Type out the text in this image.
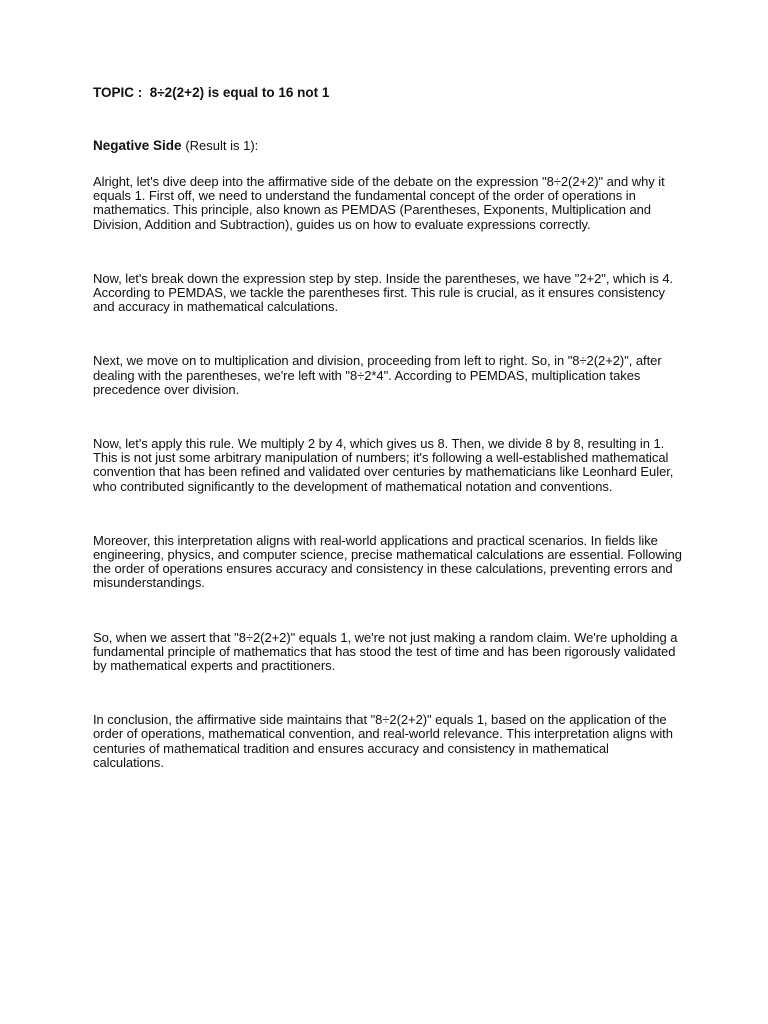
TOPIC :  8÷2(2+2) is equal to 16 not 1

Negative Side (Result is 1):

Alright, let's dive deep into the affirmative side of the debate on the expression "8÷2(2+2)" and why it equals 1. First off, we need to understand the fundamental concept of the order of operations in mathematics. This principle, also known as PEMDAS (Parentheses, Exponents, Multiplication and Division, Addition and Subtraction), guides us on how to evaluate expressions correctly.

Now, let's break down the expression step by step. Inside the parentheses, we have "2+2", which is 4. According to PEMDAS, we tackle the parentheses first. This rule is crucial, as it ensures consistency and accuracy in mathematical calculations.

Next, we move on to multiplication and division, proceeding from left to right. So, in "8÷2(2+2)", after dealing with the parentheses, we're left with "8÷2*4". According to PEMDAS, multiplication takes precedence over division.

Now, let's apply this rule. We multiply 2 by 4, which gives us 8. Then, we divide 8 by 8, resulting in 1. This is not just some arbitrary manipulation of numbers; it's following a well-established mathematical convention that has been refined and validated over centuries by mathematicians like Leonhard Euler, who contributed significantly to the development of mathematical notation and conventions.

Moreover, this interpretation aligns with real-world applications and practical scenarios. In fields like engineering, physics, and computer science, precise mathematical calculations are essential. Following the order of operations ensures accuracy and consistency in these calculations, preventing errors and misunderstandings.

So, when we assert that "8÷2(2+2)" equals 1, we're not just making a random claim. We're upholding a fundamental principle of mathematics that has stood the test of time and has been rigorously validated by mathematical experts and practitioners.

In conclusion, the affirmative side maintains that "8÷2(2+2)" equals 1, based on the application of the order of operations, mathematical convention, and real-world relevance. This interpretation aligns with centuries of mathematical tradition and ensures accuracy and consistency in mathematical calculations.
